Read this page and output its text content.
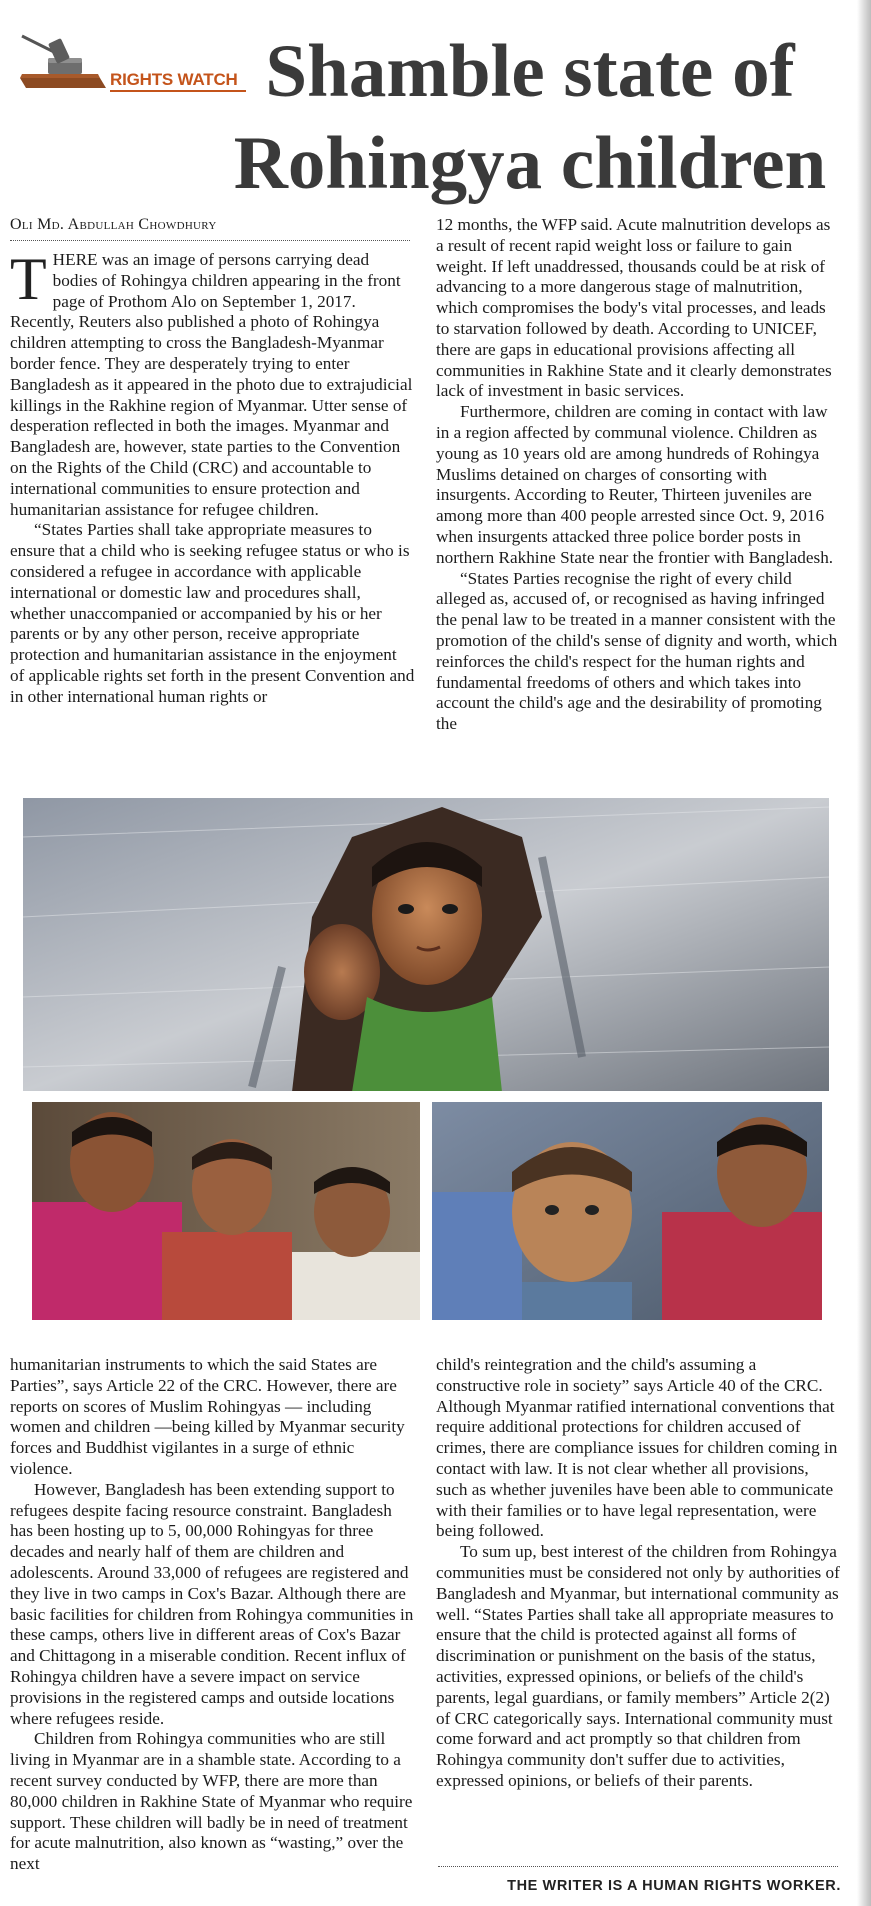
RIGHTS WATCH Shamble state of
Rohingya children
Oli Md. Abdullah Chowdhury

THERE was an image of persons carrying dead bodies of Rohingya children appearing in the front page of Prothom Alo on September 1, 2017. Recently, Reuters also published a photo of Rohingya children attempting to cross the Bangladesh-Myanmar border fence. They are desperately trying to enter Bangladesh as it appeared in the photo due to extrajudicial killings in the Rakhine region of Myanmar. Utter sense of desperation reflected in both the images. Myanmar and Bangladesh are, however, state parties to the Convention on the Rights of the Child (CRC) and accountable to international communities to ensure protection and humanitarian assistance for refugee children.

“States Parties shall take appropriate measures to ensure that a child who is seeking refugee status or who is considered a refugee in accordance with applicable international or domestic law and procedures shall, whether unaccompanied or accompanied by his or her parents or by any other person, receive appropriate protection and humanitarian assistance in the enjoyment of applicable rights set forth in the present Convention and in other international human rights or

12 months, the WFP said. Acute malnutrition develops as a result of recent rapid weight loss or failure to gain weight. If left unaddressed, thousands could be at risk of advancing to a more dangerous stage of malnutrition, which compromises the body's vital processes, and leads to starvation followed by death. According to UNICEF, there are gaps in educational provisions affecting all communities in Rakhine State and it clearly demonstrates lack of investment in basic services.

Furthermore, children are coming in contact with law in a region affected by communal violence. Children as young as 10 years old are among hundreds of Rohingya Muslims detained on charges of consorting with insurgents. According to Reuter, Thirteen juveniles are among more than 400 people arrested since Oct. 9, 2016 when insurgents attacked three police border posts in northern Rakhine State near the frontier with Bangladesh.

“States Parties recognise the right of every child alleged as, accused of, or recognised as having infringed the penal law to be treated in a manner consistent with the promotion of the child's sense of dignity and worth, which reinforces the child's respect for the human rights and fundamental freedoms of others and which takes into account the child's age and the desirability of promoting the

humanitarian instruments to which the said States are Parties”, says Article 22 of the CRC. However, there are reports on scores of Muslim Rohingyas — including women and children —being killed by Myanmar security forces and Buddhist vigilantes in a surge of ethnic violence.

However, Bangladesh has been extending support to refugees despite facing resource constraint. Bangladesh has been hosting up to 5, 00,000 Rohingyas for three decades and nearly half of them are children and adolescents. Around 33,000 of refugees are registered and they live in two camps in Cox's Bazar. Although there are basic facilities for children from Rohingya communities in these camps, others live in different areas of Cox's Bazar and Chittagong in a miserable condition. Recent influx of Rohingya children have a severe impact on service provisions in the registered camps and outside locations where refugees reside.

Children from Rohingya communities who are still living in Myanmar are in a shamble state. According to a recent survey conducted by WFP, there are more than 80,000 children in Rakhine State of Myanmar who require support. These children will badly be in need of treatment for acute malnutrition, also known as “wasting,” over the next

child's reintegration and the child's assuming a constructive role in society” says Article 40 of the CRC. Although Myanmar ratified international conventions that require additional protections for children accused of crimes, there are compliance issues for children coming in contact with law. It is not clear whether all provisions, such as whether juveniles have been able to communicate with their families or to have legal representation, were being followed.

To sum up, best interest of the children from Rohingya communities must be considered not only by authorities of Bangladesh and Myanmar, but international community as well. “States Parties shall take all appropriate measures to ensure that the child is protected against all forms of discrimination or punishment on the basis of the status, activities, expressed opinions, or beliefs of the child's parents, legal guardians, or family members” Article 2(2) of CRC categorically says. International community must come forward and act promptly so that children from Rohingya community don't suffer due to activities, expressed opinions, or beliefs of their parents.

THE WRITER IS A HUMAN RIGHTS WORKER.
